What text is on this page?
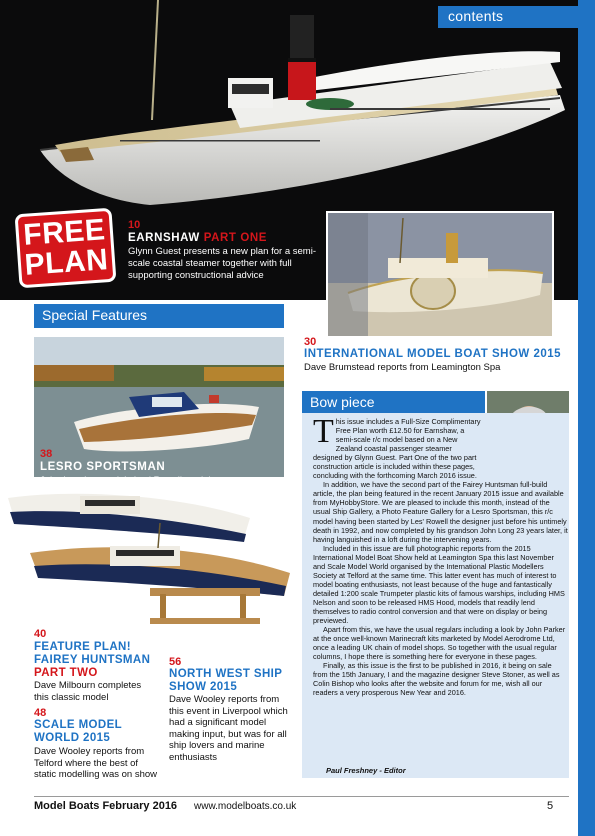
contents
FREE
PLAN
10
EARNSHAW PART ONE
Glynn Guest presents a new plan for a semi-scale coastal steamer together with full supporting constructional advice
Special Features
38
LESRO SPORTSMAN
John Long's nostalgic Les' Rowell model
30
INTERNATIONAL MODEL BOAT SHOW 2015
Dave Brumstead reports from Leamington Spa
Bow piece

This issue includes a Full-Size Complimentary Free Plan worth £12.50 for Earnshaw, a semi-scale r/c model based on a New Zealand coastal passenger steamer designed by Glynn Guest. Part One of the two part construction article is included within these pages, concluding with the forthcoming March 2016 issue.

In addition, we have the second part of the Fairey Huntsman full-build article, the plan being featured in the recent January 2015 issue and available from MyHobbyStore. We are pleased to include this month, instead of the usual Ship Gallery, a Photo Feature Gallery for a Lesro Sportsman, this r/c model having been started by Les' Rowell the designer just before his untimely death in 1992, and now completed by his grandson John Long 23 years later, it having languished in a loft during the intervening years.

Included in this issue are full photographic reports from the 2015 International Model Boat Show held at Leamington Spa this last November and Scale Model World organised by the International Plastic Modellers Society at Telford at the same time. This latter event has much of interest to model boating enthusiasts, not least because of the huge and fantastically detailed 1:200 scale Trumpeter plastic kits of famous warships, including HMS Nelson and soon to be released HMS Hood, models that readily lend themselves to radio control conversion and that were on display or being previewed.

Apart from this, we have the usual regulars including a look by John Parker at the once well-known Marinecraft kits marketed by Model Aerodrome Ltd, once a leading UK chain of model shops. So together with the usual regular columns, I hope there is something here for everyone in these pages.

Finally, as this issue is the first to be published in 2016, it being on sale from the 15th January, I and the magazine designer Steve Stoner, as well as Colin Bishop who looks after the website and forum for me, wish all our readers a very prosperous New Year and 2016.

Paul Freshney - Editor
40
FEATURE PLAN!
FAIREY HUNTSMAN
PART TWO
Dave Milbourn completes this classic model
48
SCALE MODEL
WORLD 2015
Dave Wooley reports from Telford where the best of static modelling was on show
56
NORTH WEST SHIP
SHOW 2015
Dave Wooley reports from this event in Liverpool which had a significant model making input, but was for all ship lovers and marine enthusiasts
Model Boats February 2016 www.modelboats.co.uk	5
